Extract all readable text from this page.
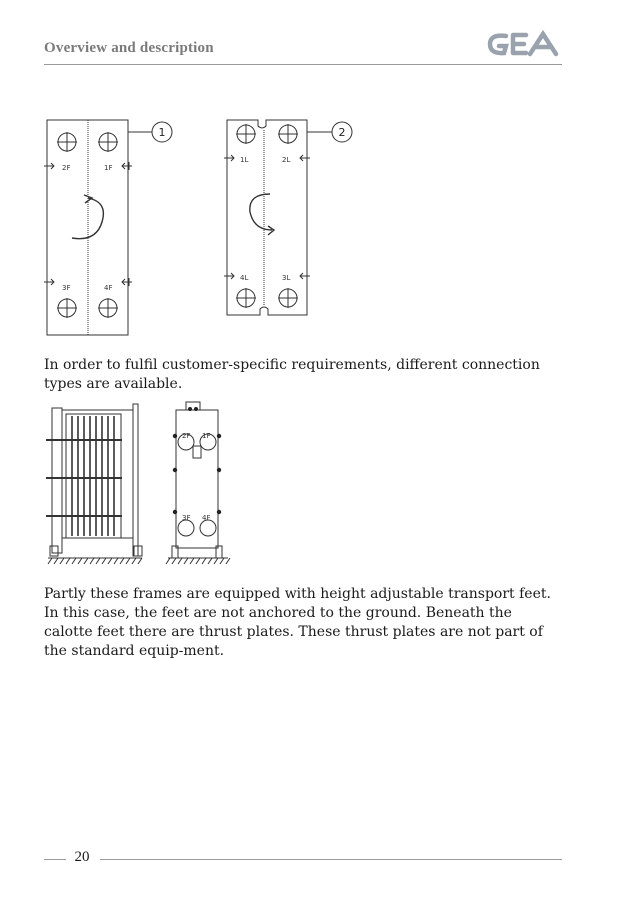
Overview and description
1
2F	1F
3F	4F
2
1L	2L
4L	3L
In order to fulfil customer-specific requirements, different connection types are available.
2F 1F
3F 4F
Partly these frames are equipped with height adjustable transport feet. In this case, the feet are not anchored to the ground. Beneath the calotte feet there are thrust plates. These thrust plates are not part of the standard equip-ment.
20
